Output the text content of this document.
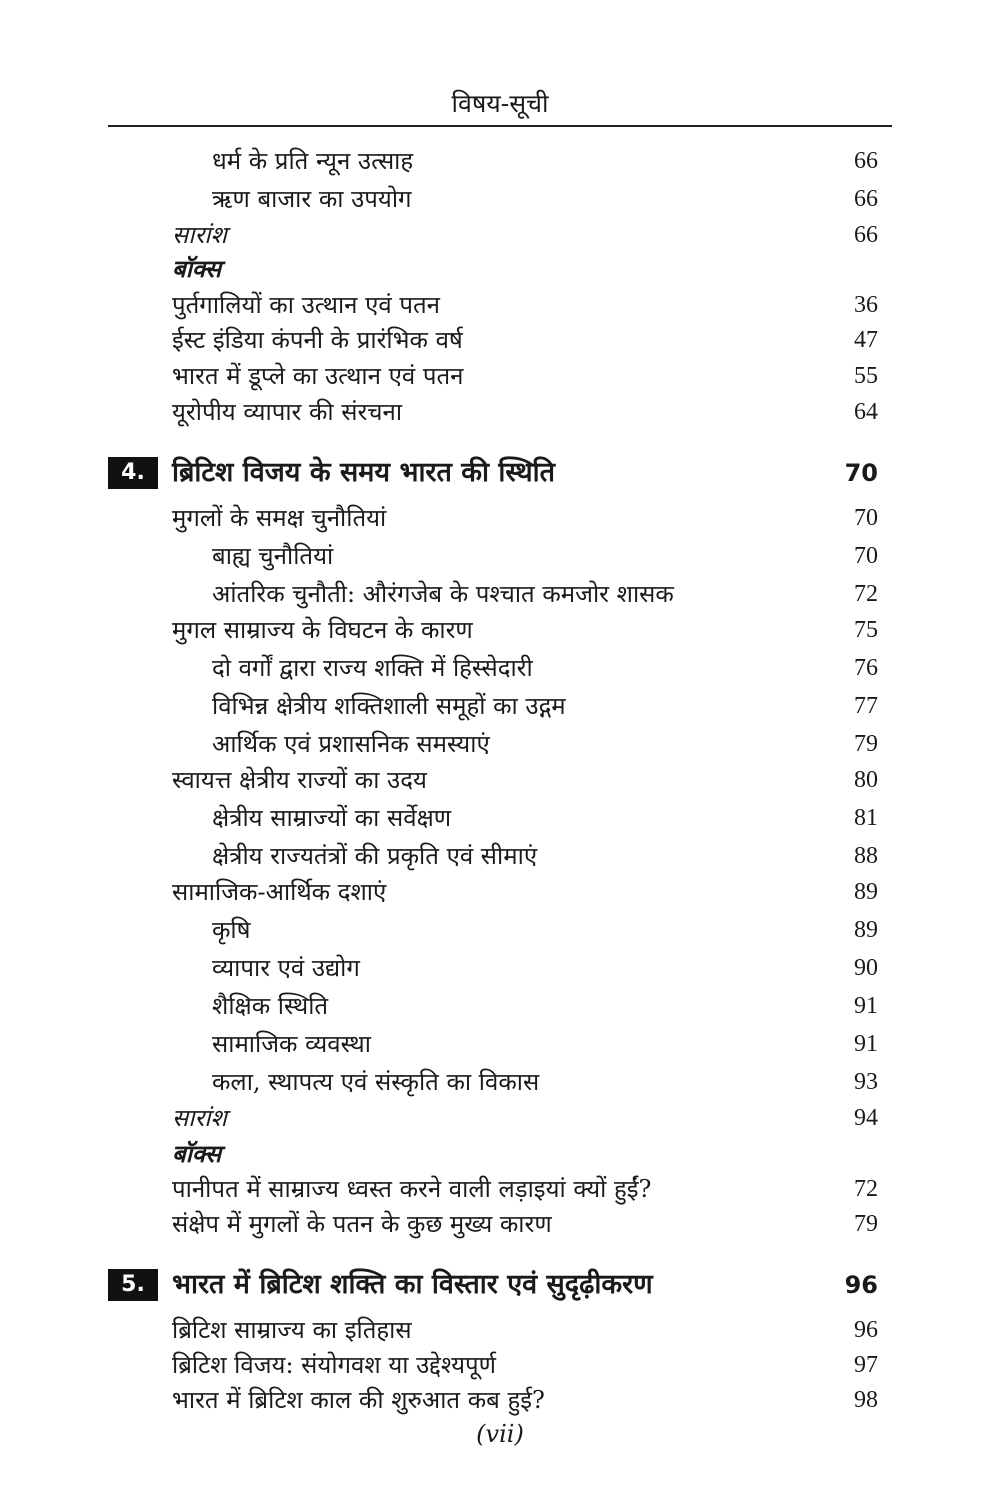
विषय-सूची
धर्म के प्रति न्यून उत्साह	66
ऋण बाजार का उपयोग	66
सारांश	66
बॉक्स
पुर्तगालियों का उत्थान एवं पतन	36
ईस्ट इंडिया कंपनी के प्रारंभिक वर्ष	47
भारत में डूप्ले का उत्थान एवं पतन	55
यूरोपीय व्यापार की संरचना	64
4.	ब्रिटिश विजय के समय भारत की स्थिति	70
मुगलों के समक्ष चुनौतियां	70
बाह्य चुनौतियां	70
आंतरिक चुनौती: औरंगजेब के पश्चात कमजोर शासक	72
मुगल साम्राज्य के विघटन के कारण	75
दो वर्गों द्वारा राज्य शक्ति में हिस्सेदारी	76
विभिन्न क्षेत्रीय शक्तिशाली समूहों का उद्गम	77
आर्थिक एवं प्रशासनिक समस्याएं	79
स्वायत्त क्षेत्रीय राज्यों का उदय	80
क्षेत्रीय साम्राज्यों का सर्वेक्षण	81
क्षेत्रीय राज्यतंत्रों की प्रकृति एवं सीमाएं	88
सामाजिक-आर्थिक दशाएं	89
कृषि	89
व्यापार एवं उद्योग	90
शैक्षिक स्थिति	91
सामाजिक व्यवस्था	91
कला, स्थापत्य एवं संस्कृति का विकास	93
सारांश	94
बॉक्स
पानीपत में साम्राज्य ध्वस्त करने वाली लड़ाइयां क्यों हुईं?	72
संक्षेप में मुगलों के पतन के कुछ मुख्य कारण	79
5.	भारत में ब्रिटिश शक्ति का विस्तार एवं सुदृढ़ीकरण	96
ब्रिटिश साम्राज्य का इतिहास	96
ब्रिटिश विजय: संयोगवश या उद्देश्यपूर्ण	97
भारत में ब्रिटिश काल की शुरुआत कब हुई?	98
(vii)
